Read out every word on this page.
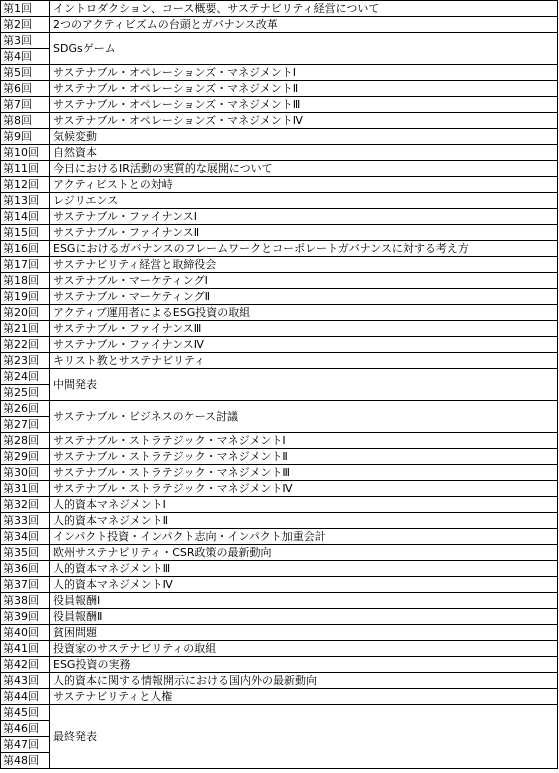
第1回	イントロダクション、コース概要、サステナビリティ経営について
第2回	2つのアクティビズムの台頭とガバナンス改革
第3回	SDGsゲーム
第4回	
第5回	サステナブル・オペレーションズ・マネジメントⅠ
第6回	サステナブル・オペレーションズ・マネジメントⅡ
第7回	サステナブル・オペレーションズ・マネジメントⅢ
第8回	サステナブル・オペレーションズ・マネジメントⅣ
第9回	気候変動
第10回	自然資本
第11回	今日におけるIR活動の実質的な展開について
第12回	アクティビストとの対峙
第13回	レジリエンス
第14回	サステナブル・ファイナンスⅠ
第15回	サステナブル・ファイナンスⅡ
第16回	ESGにおけるガバナンスのフレームワークとコーポレートガバナンスに対する考え方
第17回	サステナビリティ経営と取締役会
第18回	サステナブル・マーケティングⅠ
第19回	サステナブル・マーケティングⅡ
第20回	アクティブ運用者によるESG投資の取組
第21回	サステナブル・ファイナンスⅢ
第22回	サステナブル・ファイナンスⅣ
第23回	キリスト教とサステナビリティ
第24回	中間発表
第25回	
第26回	サステナブル・ビジネスのケース討議
第27回	
第28回	サステナブル・ストラテジック・マネジメントⅠ
第29回	サステナブル・ストラテジック・マネジメントⅡ
第30回	サステナブル・ストラテジック・マネジメントⅢ
第31回	サステナブル・ストラテジック・マネジメントⅣ
第32回	人的資本マネジメントⅠ
第33回	人的資本マネジメントⅡ
第34回	インパクト投資・インパクト志向・インパクト加重会計
第35回	欧州サステナビリティ・CSR政策の最新動向
第36回	人的資本マネジメントⅢ
第37回	人的資本マネジメントⅣ
第38回	役員報酬Ⅰ
第39回	役員報酬Ⅱ
第40回	貧困問題
第41回	投資家のサステナビリティの取組
第42回	ESG投資の実務
第43回	人的資本に関する情報開示における国内外の最新動向
第44回	サステナビリティと人権
第45回	最終発表
第46回	
第47回	
第48回	
